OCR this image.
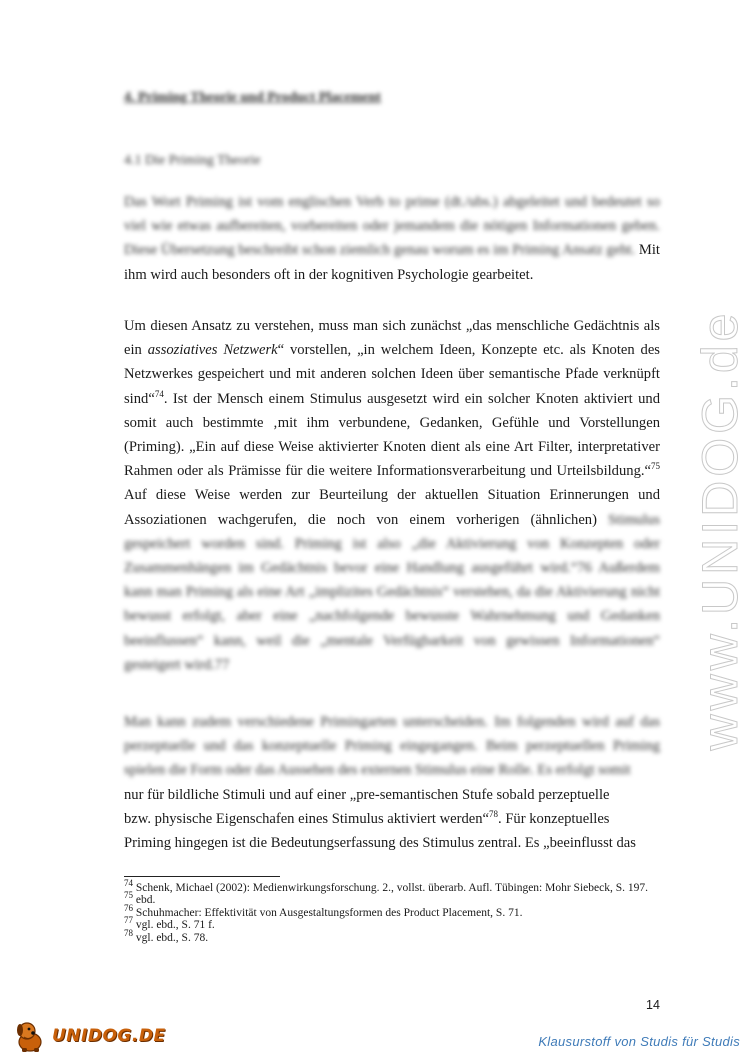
www.UNIDOG.de
4. Priming Theorie und Product Placement
4.1 Die Priming Theorie

Das Wort Priming ist vom englischen Verb to prime (dt./ubs.) abgeleitet und bedeutet so viel wie etwas aufbereiten, vorbereiten oder jemandem die nötigen Informationen geben. Diese Übersetzung beschreibt schon ziemlich genau worum es im Priming Ansatz geht. Mit ihm wird auch besonders oft in der kognitiven Psychologie gearbeitet.

Um diesen Ansatz zu verstehen, muss man sich zunächst „das menschliche Gedächtnis als ein assoziatives Netzwerk“ vorstellen, „in welchem Ideen, Konzepte etc. als Knoten des Netzwerkes gespeichert und mit anderen solchen Ideen über semantische Pfade verknüpft sind“$^{74}$. Ist der Mensch einem Stimulus ausgesetzt wird ein solcher Knoten aktiviert und somit auch bestimmte ‚mit ihm verbundene, Gedanken, Gefühle und Vorstellungen (Priming). „Ein auf diese Weise aktivierter Knoten dient als eine Art Filter, interpretativer Rahmen oder als Prämisse für die weitere Informationsverarbeitung und Urteilsbildung.“$^{75}$ Auf diese Weise werden zur Beurteilung der aktuellen Situation Erinnerungen und Assoziationen wachgerufen, die noch von einem vorherigen (ähnlichen) Stimulus gespeichert worden sind. Priming ist also „die Aktivierung von Konzepten oder Zusammenhängen im Gedächtnis bevor eine Handlung ausgeführt wird.“76 Außerdem kann man Priming als eine Art „implizites Gedächtnis“ verstehen, da die Aktivierung nicht bewusst erfolgt, aber eine „nachfolgende bewusste Wahrnehmung und Gedanken beeinflussen“ kann, weil die „mentale Verfügbarkeit von gewissen Informationen“ gesteigert wird.77

Man kann zudem verschiedene Primingarten unterscheiden. Im folgenden wird auf das perzeptuelle und das konzeptuelle Priming eingegangen. Beim perzeptuellen Priming spielen die Form oder das Aussehen des externen Stimulus eine Rolle. Es erfolgt somit
nur für bildliche Stimuli und auf einer „pre-semantischen Stufe sobald perzeptuelle
bzw. physische Eigenschafen eines Stimulus aktiviert werden“$^{78}$. Für konzeptuelles
Priming hingegen ist die Bedeutungserfassung des Stimulus zentral. Es „beeinflusst das

$^{74}$ Schenk, Michael (2002): Medienwirkungsforschung. 2., vollst. überarb. Aufl. Tübingen: Mohr Siebeck, S. 197.
$^{75}$ ebd.
$^{76}$ Schuhmacher: Effektivität von Ausgestaltungsformen des Product Placement, S. 71.
$^{77}$ vgl. ebd., S. 71 f.
$^{78}$ vgl. ebd., S. 78.
14
UNIDOG.DE	Klausurstoff von Studis für Studis
